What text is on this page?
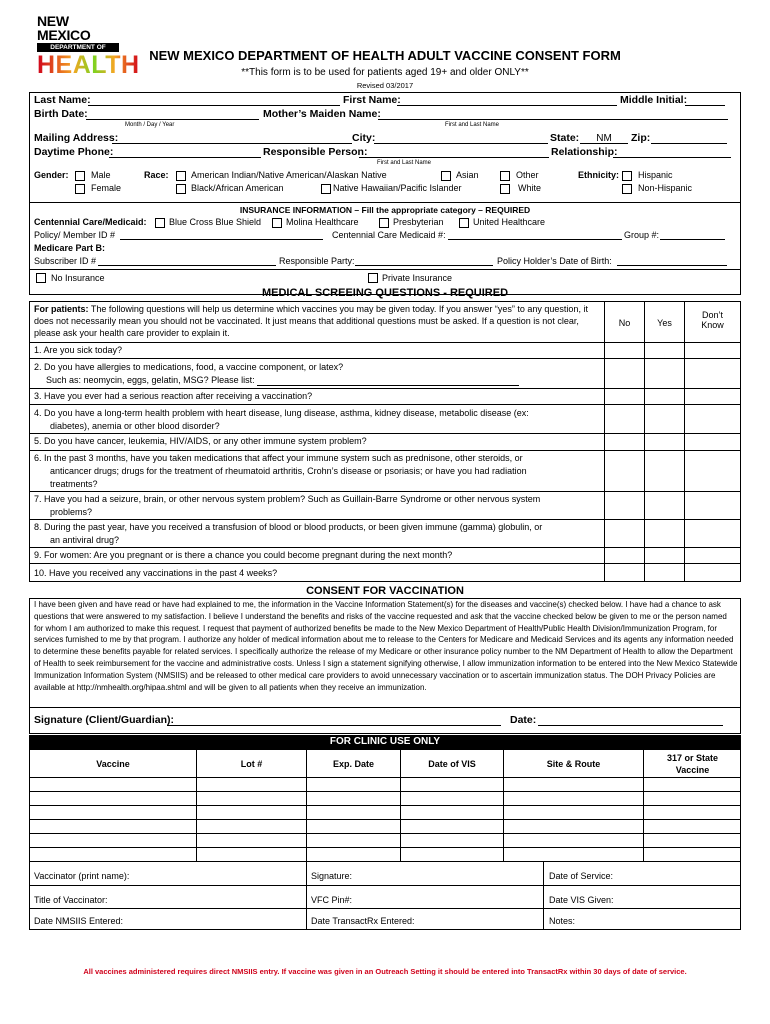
NEW MEXICO
DEPARTMENT OF
HEALTH NEW MEXICO DEPARTMENT OF HEALTH ADULT VACCINE CONSENT FORM
**This form is to be used for patients aged 19+ and older ONLY**
Revised 03/2017
Last Name:	First Name:	Middle Initial:
Birth Date:	Mother’s Maiden Name:
Month / Day / Year	First and Last Name
Mailing Address:	City:	State:	NM	Zip:
Daytime Phone:	Responsible Person:	Relationship:
First and Last Name
Gender: Male
Female
Race: American Indian/Native American/Alaskan Native	Asian	Other
Black/African American	Native Hawaiian/Pacific Islander	White
Ethnicity: Hispanic
Non-Hispanic
INSURANCE INFORMATION – Fill the appropriate category – REQUIRED
Centennial Care/Medicaid: Blue Cross Blue Shield	Molina Healthcare	Presbyterian	United Healthcare
Policy/ Member ID #	Centennial Care Medicaid #:	Group #:
Medicare Part B:
Subscriber ID #	Responsible Party:	Policy Holder’s Date of Birth:
No Insurance	Private Insurance
MEDICAL SCREEING QUESTIONS - REQUIRED
For patients: The following questions will help us determine which vaccines you may be given today. If you answer “yes” to any question, it does not necessarily mean you should not be vaccinated. It just means that additional questions must be asked. If a question is not clear, please ask your health care provider to explain it.
No	Yes
Don’t Know
1. Are you sick today?
2. Do you have allergies to medications, food, a vaccine component, or latex?
Such as: neomycin, eggs, gelatin, MSG? Please list:
3. Have you ever had a serious reaction after receiving a vaccination?
4. Do you have a long-term health problem with heart disease, lung disease, asthma, kidney disease, metabolic disease (ex:
diabetes), anemia or other blood disorder?
5. Do you have cancer, leukemia, HIV/AIDS, or any other immune system problem?
6. In the past 3 months, have you taken medications that affect your immune system such as prednisone, other steroids, or
anticancer drugs; drugs for the treatment of rheumatoid arthritis, Crohn’s disease or psoriasis; or have you had radiation
treatments?
7. Have you had a seizure, brain, or other nervous system problem? Such as Guillain-Barre Syndrome or other nervous system
problems?
8. During the past year, have you received a transfusion of blood or blood products, or been given immune (gamma) globulin, or
an antiviral drug?
9. For women: Are you pregnant or is there a chance you could become pregnant during the next month?
10. Have you received any vaccinations in the past 4 weeks?
CONSENT FOR VACCINATION
I have been given and have read or have had explained to me, the information in the Vaccine Information Statement(s) for the diseases and vaccine(s) checked below. I have had a chance to ask questions that were answered to my satisfaction. I believe I understand the benefits and risks of the vaccine requested and ask that the vaccine checked below be given to me or the person named for whom I am authorized to make this request. I request that payment of authorized benefits be made to the New Mexico Department of Health/Public Health Division/Immunization Program, for services furnished to me by that program. I authorize any holder of medical information about me to release to the Centers for Medicare and Medicaid Services and its agents any information needed to determine these benefits payable for related services. I specifically authorize the release of my Medicare or other insurance policy number to the NM Department of Health to allow the Department of Health to seek reimbursement for the vaccine and administrative costs. Unless I sign a statement signifying otherwise, I allow immunization information to be entered into the New Mexico Statewide Immunization Information System (NMSIIS) and be released to other medical care providers to avoid unnecessary vaccination or to ascertain immunization status. The DOH Privacy Policies are available at http://nmhealth.org/hipaa.shtml and will be given to all patients when they receive an immunization.
Signature (Client/Guardian):	Date:
FOR CLINIC USE ONLY
Vaccine	Lot #	Exp. Date	Date of VIS	Site & Route
317 or State Vaccine
Vaccinator (print name):	Signature:	Date of Service:
Title of Vaccinator:	VFC Pin#:	Date VIS Given:
Date NMSIIS Entered:	Date TransactRx Entered:	Notes:
All vaccines administered requires direct NMSIIS entry. If vaccine was given in an Outreach Setting it should be entered into TransactRx within 30 days of date of service.
